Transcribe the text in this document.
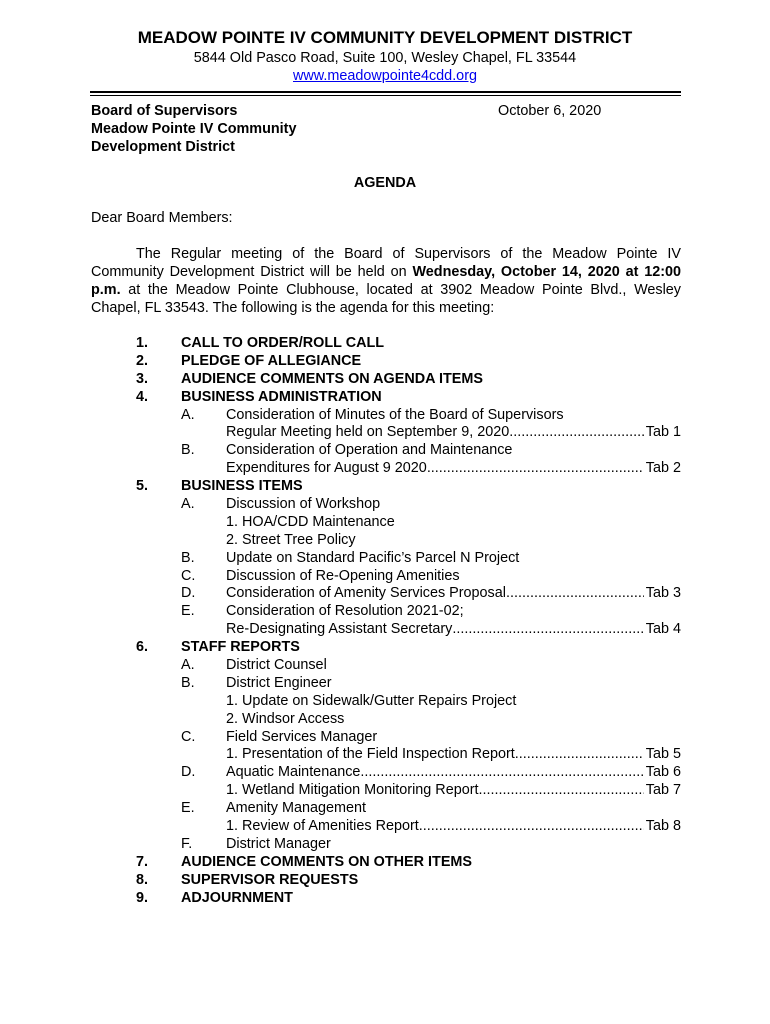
MEADOW POINTE IV COMMUNITY DEVELOPMENT DISTRICT
5844 Old Pasco Road, Suite 100, Wesley Chapel, FL 33544
www.meadowpointe4cdd.org
Board of Supervisors
Meadow Pointe IV Community
Development District
October 6, 2020
AGENDA
Dear Board Members:

The Regular meeting of the Board of Supervisors of the Meadow Pointe IV Community Development District will be held on Wednesday, October 14, 2020 at 12:00 p.m. at the Meadow Pointe Clubhouse, located at 3902 Meadow Pointe Blvd., Wesley Chapel, FL 33543. The following is the agenda for this meeting:

1. CALL TO ORDER/ROLL CALL
2. PLEDGE OF ALLEGIANCE
3. AUDIENCE COMMENTS ON AGENDA ITEMS
4. BUSINESS ADMINISTRATION
A. Consideration of Minutes of the Board of Supervisors
Regular Meeting held on September 9, 2020 .....	Tab 1
B. Consideration of Operation and Maintenance
Expenditures for August 9 2020 .....	Tab 2
5. BUSINESS ITEMS
A. Discussion of Workshop
1. HOA/CDD Maintenance
2. Street Tree Policy
B. Update on Standard Pacific’s Parcel N Project
C. Discussion of Re-Opening Amenities
D. Consideration of Amenity Services Proposal .....	Tab 3
E. Consideration of Resolution 2021-02;
Re-Designating Assistant Secretary .....	Tab 4
6. STAFF REPORTS
A. District Counsel
B. District Engineer
1. Update on Sidewalk/Gutter Repairs Project
2. Windsor Access
C. Field Services Manager
1. Presentation of the Field Inspection Report .....	Tab 5
D. Aquatic Maintenance .....	Tab 6
1. Wetland Mitigation Monitoring Report .....	Tab 7
E. Amenity Management
1. Review of Amenities Report .....	Tab 8
F. District Manager
7. AUDIENCE COMMENTS ON OTHER ITEMS
8. SUPERVISOR REQUESTS
9. ADJOURNMENT
